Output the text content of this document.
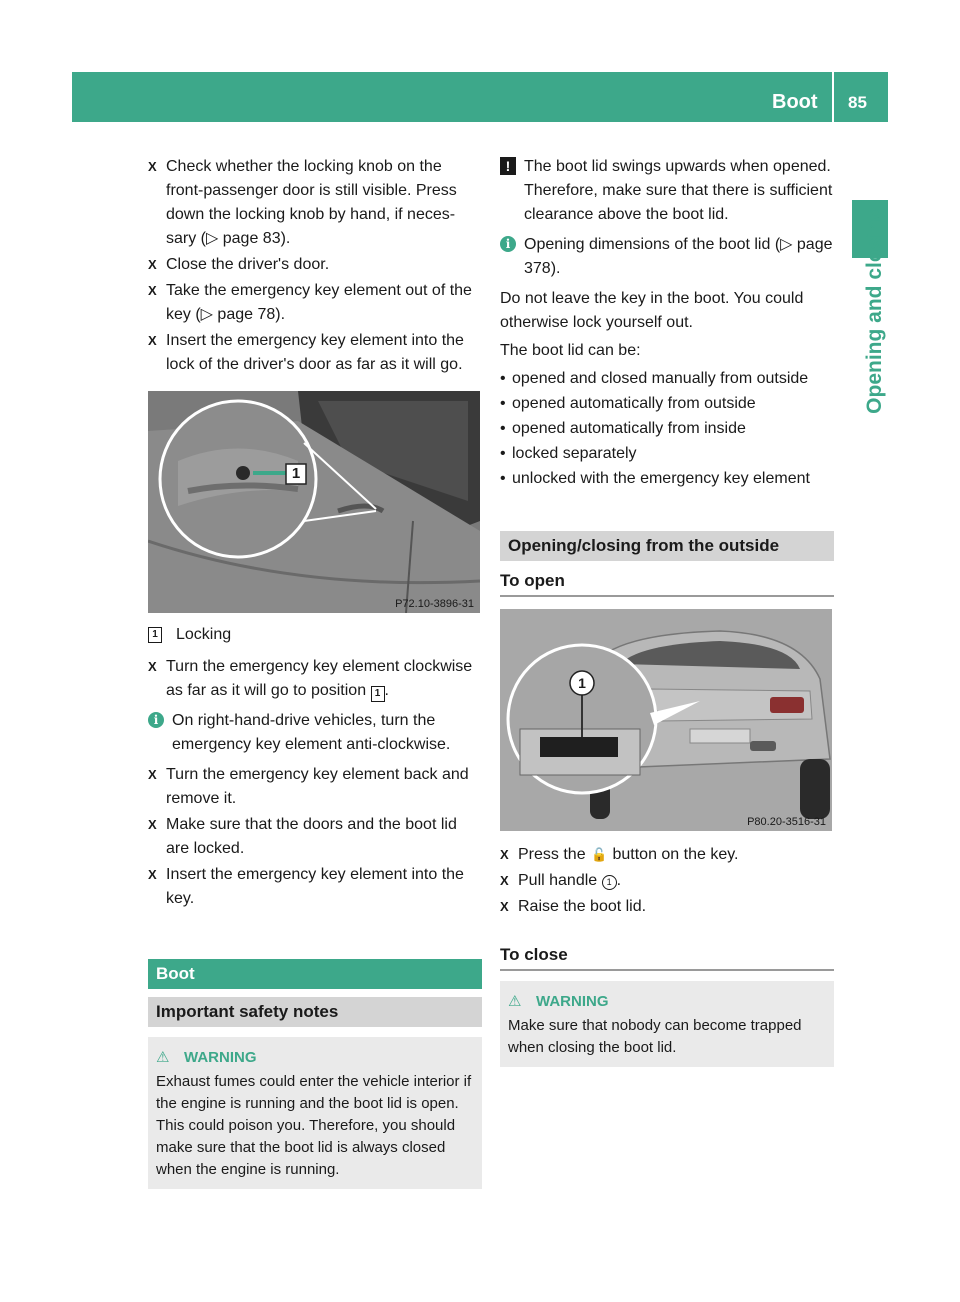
Boot 85
Opening and closing
X Check whether the locking knob on the front-passenger door is still visible. Press down the locking knob by hand, if neces-sary (▷ page 83).
X Close the driver's door.
X Take the emergency key element out of the key (▷ page 78).
X Insert the emergency key element into the lock of the driver's door as far as it will go.
1
P72.10-3896-31
1 Locking
X Turn the emergency key element clockwise as far as it will go to position 1 .
i On right-hand-drive vehicles, turn the emergency key element anti-clockwise.
X Turn the emergency key element back and remove it.
X Make sure that the doors and the boot lid are locked.
X Insert the emergency key element into the key.
Boot
Important safety notes
⚠ WARNING
Exhaust fumes could enter the vehicle interior if the engine is running and the boot lid is open. This could poison you. Therefore, you should make sure that the boot lid is always closed when the engine is running.
! The boot lid swings upwards when opened. Therefore, make sure that there is sufficient clearance above the boot lid.
i Opening dimensions of the boot lid (▷ page 378).
Do not leave the key in the boot. You could otherwise lock yourself out.
The boot lid can be:
• opened and closed manually from outside
• opened automatically from outside
• opened automatically from inside
• locked separately
• unlocked with the emergency key element
Opening/closing from the outside
To open
1
P80.20-3516-31
X Press the 🔓 button on the key.
X Pull handle 1 .
X Raise the boot lid.
To close
⚠ WARNING
Make sure that nobody can become trapped when closing the boot lid.
